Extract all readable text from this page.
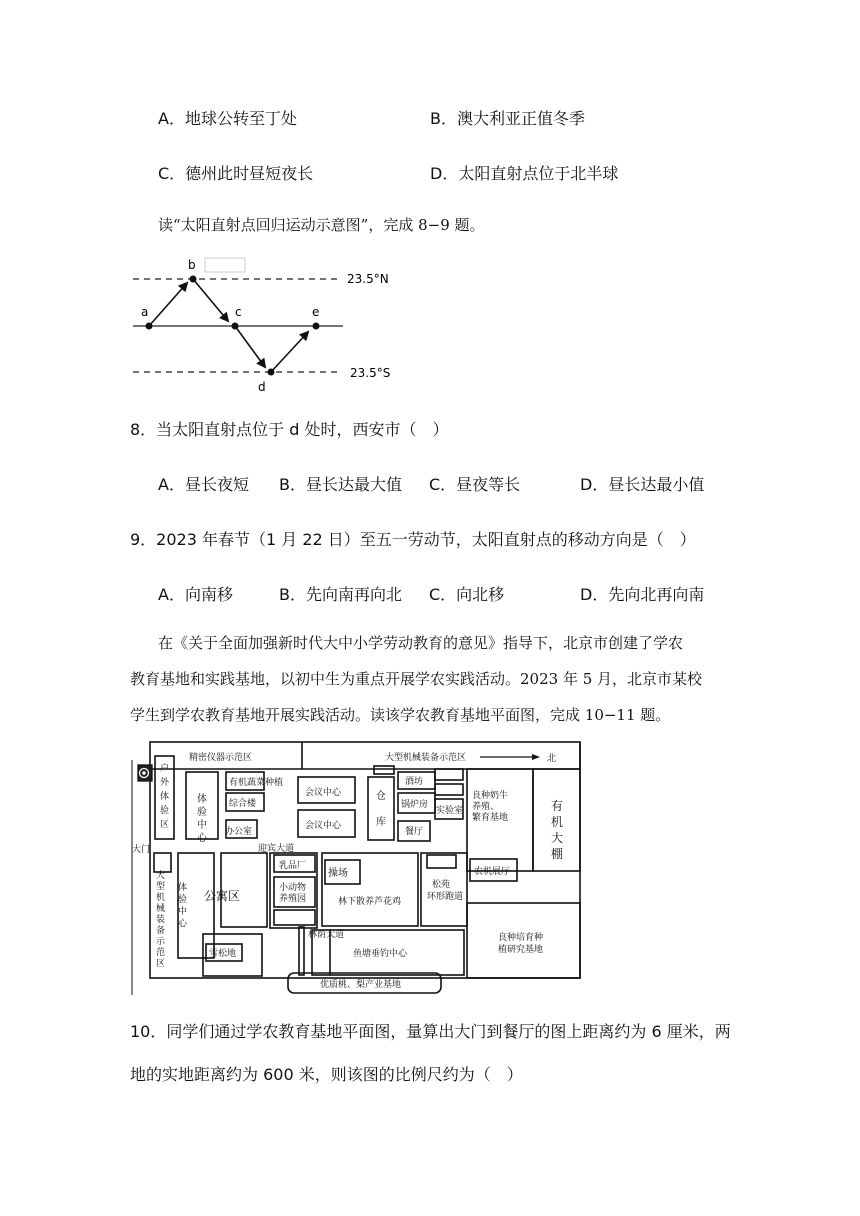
A．地球公转至丁处	B．澳大利亚正值冬季
C．德州此时昼短夜长	D．太阳直射点位于北半球
读“太阳直射点回归运动示意图”，完成 8−9 题。
a
b
c
d
e
23.5°N
23.5°S
8．当太阳直射点位于 d 处时，西安市（　）
A．昼长夜短 B．昼长达最大值 C．昼夜等长	D．昼长达最小值
9．2023 年春节（1 月 22 日）至五一劳动节，太阳直射点的移动方向是（　）
A．向南移	B．先向南再向北 C．向北移	D．先向北再向南
在《关于全面加强新时代大中小学劳动教育的意见》指导下，北京市创建了学农
教育基地和实践基地，以初中生为重点开展学农实践活动。2023 年 5 月，北京市某校
学生到学农教育基地开展实践活动。读该学农教育基地平面图，完成 10−11 题。
精密仪器示范区	大型机械装备示范区	北
户
外
体
验
区
体
验
中
心
有机蔬菜种植
综合楼
办公室
会议中心
会议中心
仓
库
酒坊
锅炉房
实验室
餐厅
良种奶牛
养殖、
繁育基地
有
机
大
棚
大门	迎宾大道
乳品厂
小动物
养殖园
操场
林下散养芦花鸡
松苑
环形跑道
农机展厅
大
型
机
械
装
备
示
范
区
体
验
中
心
公寓区
林荫大道
雪松地	鱼塘垂钓中心
良种培育种
植研究基地
优质桃、梨产业基地
10．同学们通过学农教育基地平面图，量算出大门到餐厅的图上距离约为 6 厘米，两
地的实地距离约为 600 米，则该图的比例尺约为（　）
